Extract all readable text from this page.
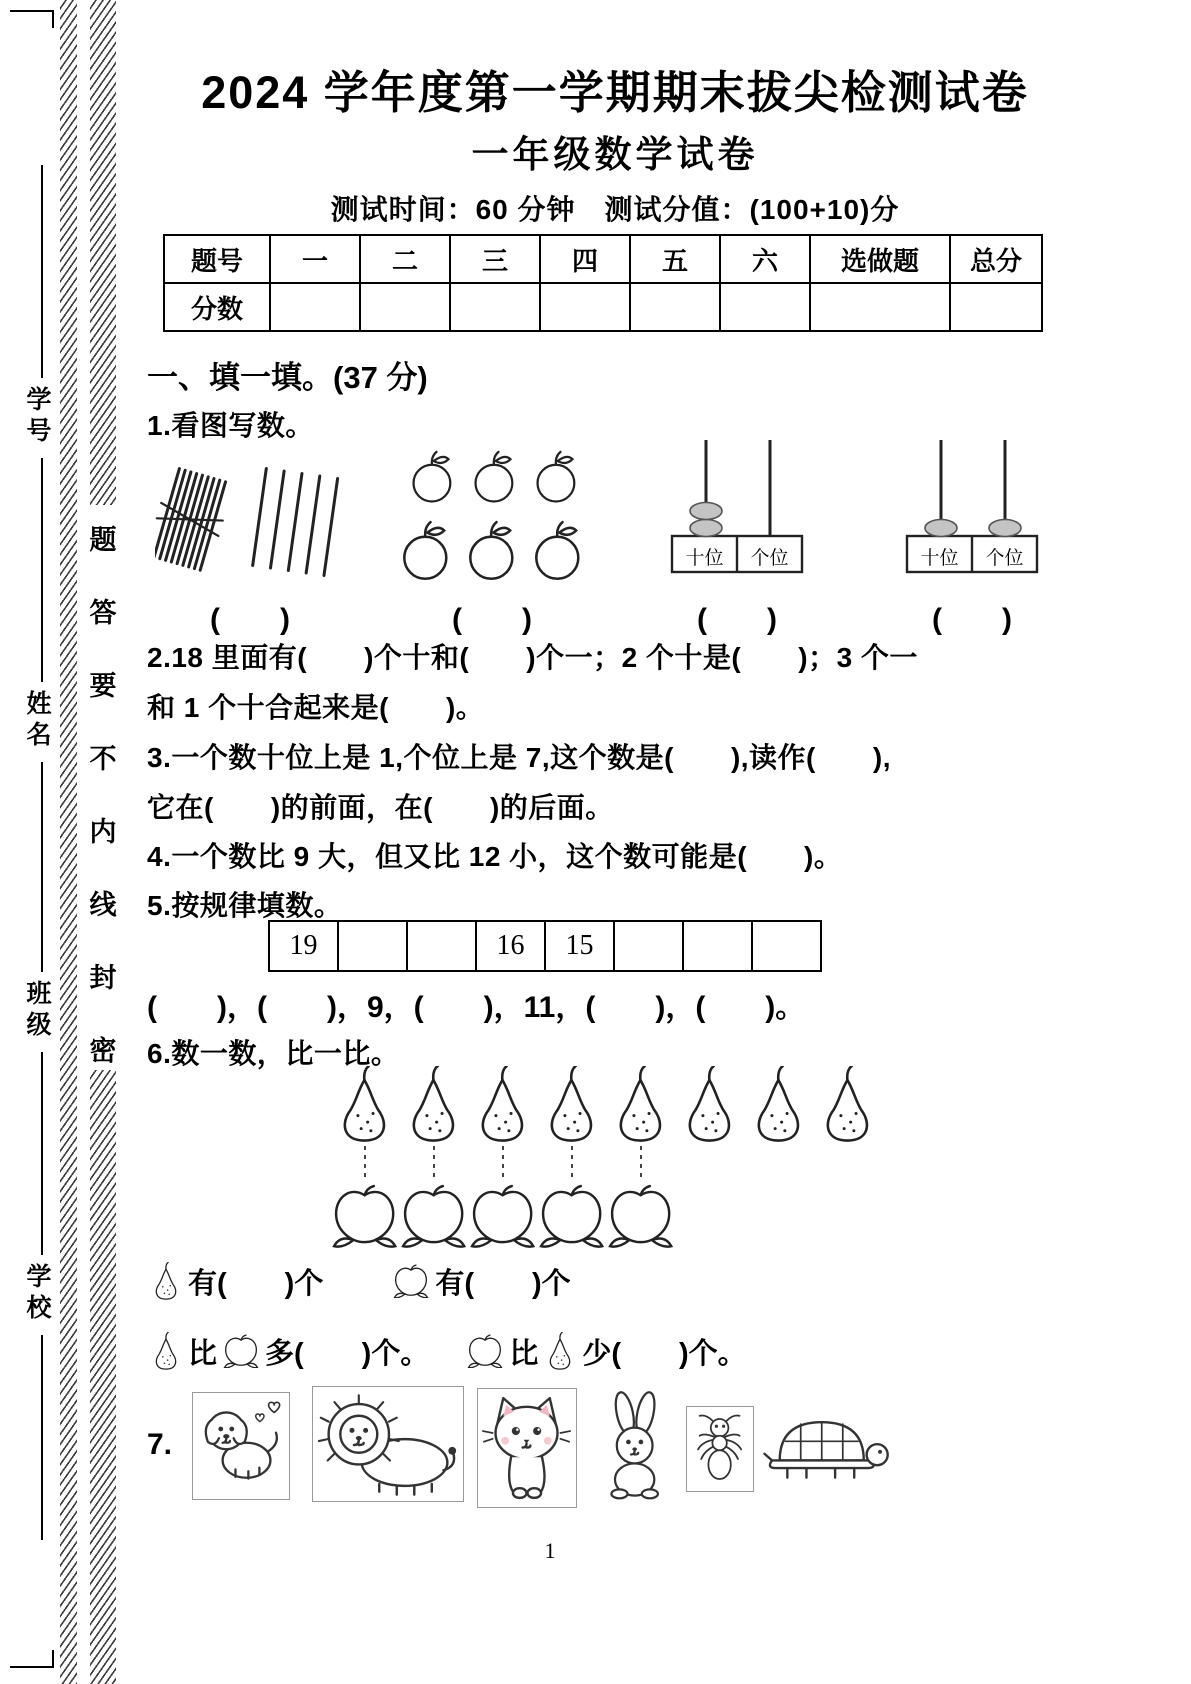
学号
姓名
班级
学校
题
答
要
不
内
线
封
密
2024 学年度第一学期期末拔尖检测试卷
一年级数学试卷
测试时间：60 分钟　测试分值：(100+10)分
题号	一	二	三	四	五	六	选做题	总分
分数								
一、填一填。(37 分)
1.看图写数。
十位	个位	十位	个位
(　　)	(　　)	(　　)	(　　)
2.18 里面有(　　)个十和(　　)个一；2 个十是(　　)；3 个一
和 1 个十合起来是(　　)。
3.一个数十位上是 1,个位上是 7,这个数是(　　),读作(　　),
它在(　　)的前面，在(　　)的后面。
4.一个数比 9 大，但又比 12 小，这个数可能是(　　)。
5.按规律填数。
19			16	15			
(　　)，(　　)，9，(　　)，11，(　　)，(　　)。
6.数一数，比一比。
有(　　)个	有(　　)个
比 多(　　)个。	比 少(　　)个。
7.
1
